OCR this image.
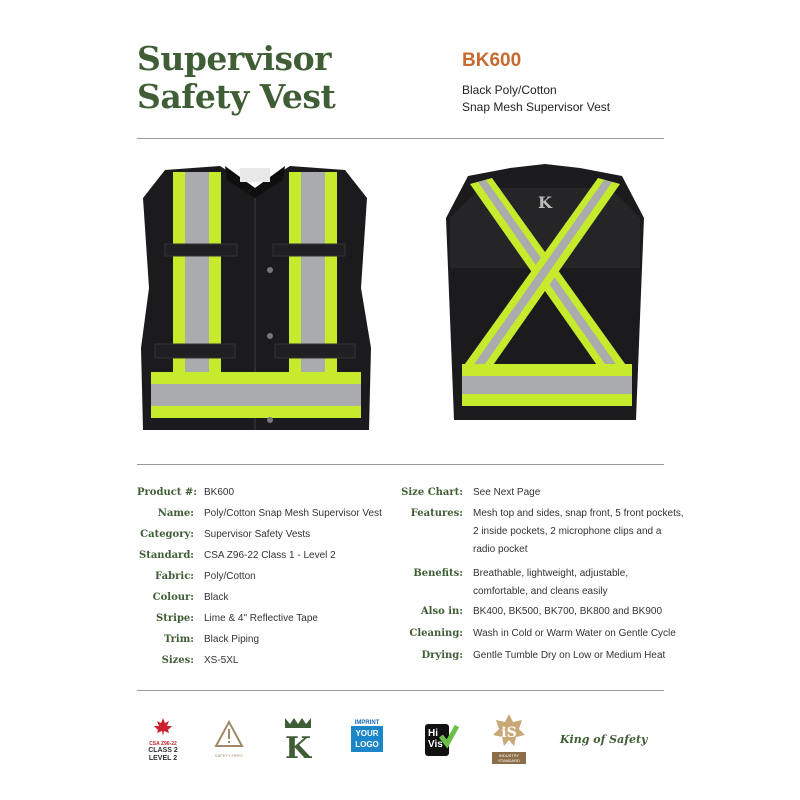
Supervisor
Safety Vest
BK600
Black Poly/Cotton
Snap Mesh Supervisor Vest
K
Product #: BK600
Name:	Poly/Cotton Snap Mesh Supervisor Vest
Category:	Supervisor Safety Vests
Standard:	CSA Z96-22 Class 1 - Level 2
Fabric:	Poly/Cotton
Colour:	Black
Stripe:	Lime & 4" Reflective Tape
Trim:	Black Piping
Sizes:	XS-5XL
Size Chart:	See Next Page
Features:	Mesh top and sides, snap front, 5 front pockets,
2 inside pockets, 2 microphone clips and a
radio pocket
Benefits:	Breathable, lightweight, adjustable,
comfortable, and cleans easily
Also in:	BK400, BK500, BK700, BK800 and BK900
Cleaning:	Wash in Cold or Warm Water on Gentle Cycle
Drying:	Gentle Tumble Dry on Low or Medium Heat
CSA Z96-22
CLASS 2
LEVEL 2	SAFETY FIRST K
IMPRINT
YOUR
LOGO
Hi
Vis
iS
INDUSTRY
STANDARD
King of Safety
